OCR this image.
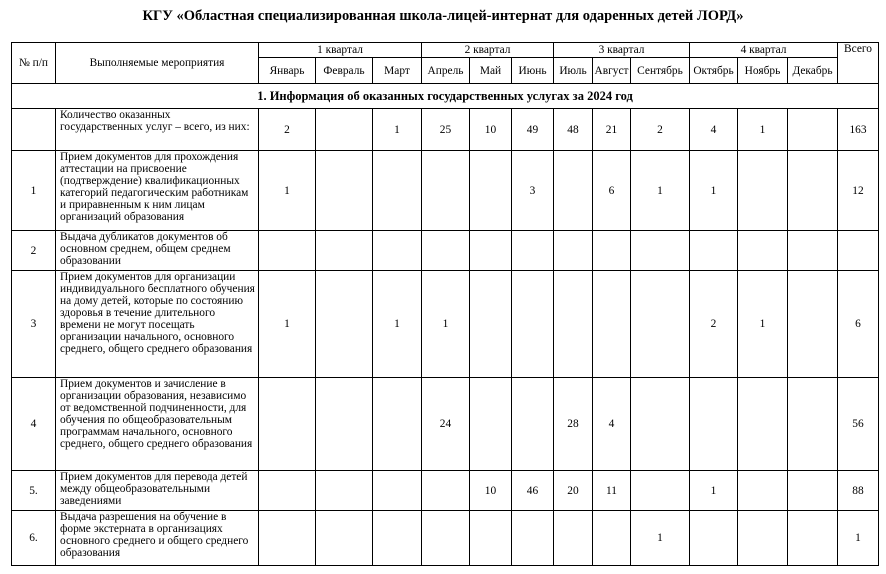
КГУ «Областная специализированная школа-лицей-интернат для одаренных детей ЛОРД»
№ п/п	Выполняемые мероприятия	1 квартал			2 квартал			3 квартал			4 квартал			Всего
		Январь	Февраль	Март	Апрель	Май	Июнь	Июль	Август	Сентябрь	Октябрь	Ноябрь	Декабрь	
1. Информация об оказанных государственных услугах за 2024 год														
	Количество оказанных государственных услуг – всего, из них:	2		1	25	10	49	48	21	2	4	1		163
1	Прием документов для прохождения аттестации на присвоение (подтверждение) квалификационных категорий педагогическим работникам и приравненным к ним лицам организаций образования	1					3		6	1	1			12
2	Выдача дубликатов документов об основном среднем, общем среднем образовании													
3	Прием документов для организации индивидуального бесплатного обучения на дому детей, которые по состоянию здоровья в течение длительного времени не могут посещать организации начального, основного среднего, общего среднего образования	1		1	1						2	1		6
4	Прием документов и зачисление в организации образования, независимо от ведомственной подчиненности, для обучения по общеобразовательным программам начального, основного среднего, общего среднего образования				24			28	4					56
5.	Прием документов для перевода детей между общеобразовательными заведениями					10	46	20	11		1			88
6.	Выдача разрешения на обучение в форме экстерната в организациях основного среднего и общего среднего образования									1				1
